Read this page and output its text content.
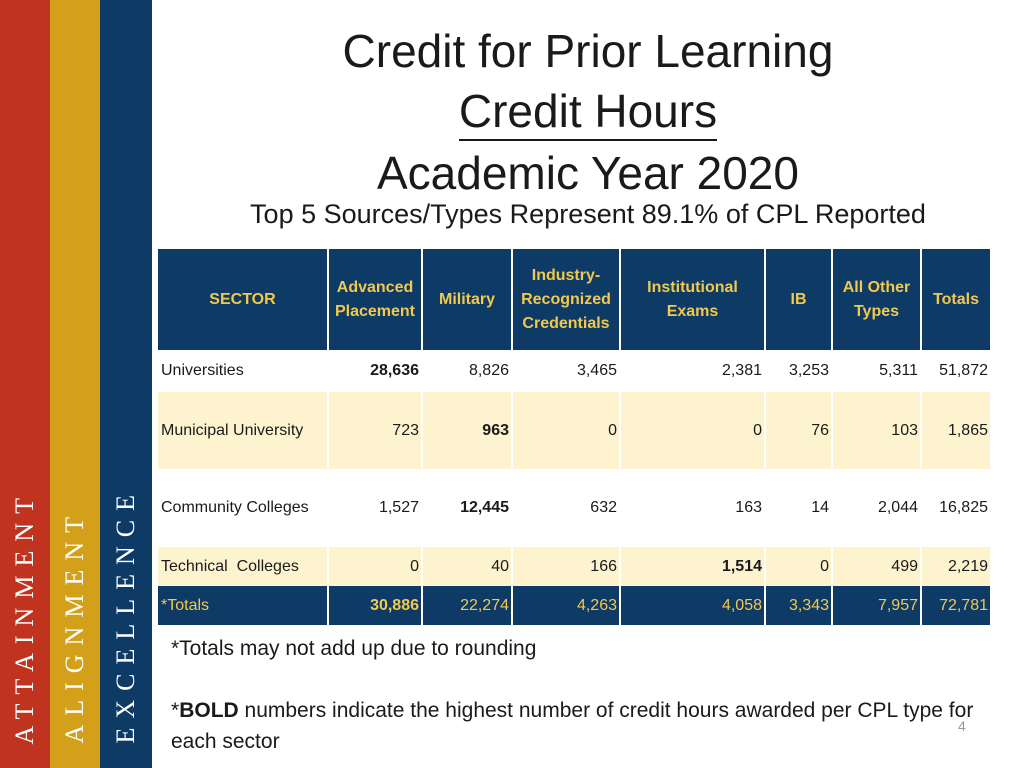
ATTAINMENT ALIGNMENT EXCELLENCE
Credit for Prior Learning
Credit Hours
Academic Year 2020
Top 5 Sources/Types Represent 89.1% of CPL Reported
SECTOR	Advanced Placement	Military	Industry-Recognized Credentials	Institutional Exams	IB	All Other Types	Totals
Universities	28,636	8,826	3,465	2,381	3,253	5,311	51,872
Municipal University	723	963	0	0	76	103	1,865
Community Colleges	1,527	12,445	632	163	14	2,044	16,825
Technical  Colleges	0	40	166	1,514	0	499	2,219
*Totals	30,886	22,274	4,263	4,058	3,343	7,957	72,781
*Totals may not add up due to rounding
*BOLD numbers indicate the highest number of credit hours awarded per CPL type for each sector
4
